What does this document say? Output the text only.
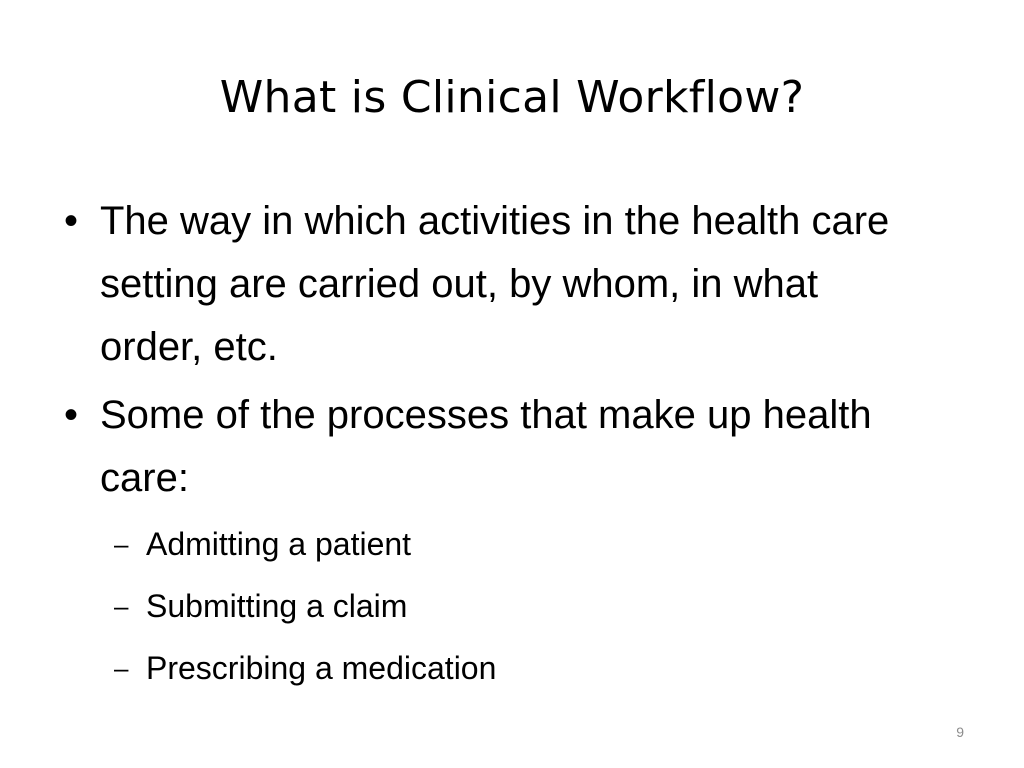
What is Clinical Workflow?
• The way in which activities in the health care setting are carried out, by whom, in what order, etc.
• Some of the processes that make up health care:
– Admitting a patient
– Submitting a claim
– Prescribing a medication
9
